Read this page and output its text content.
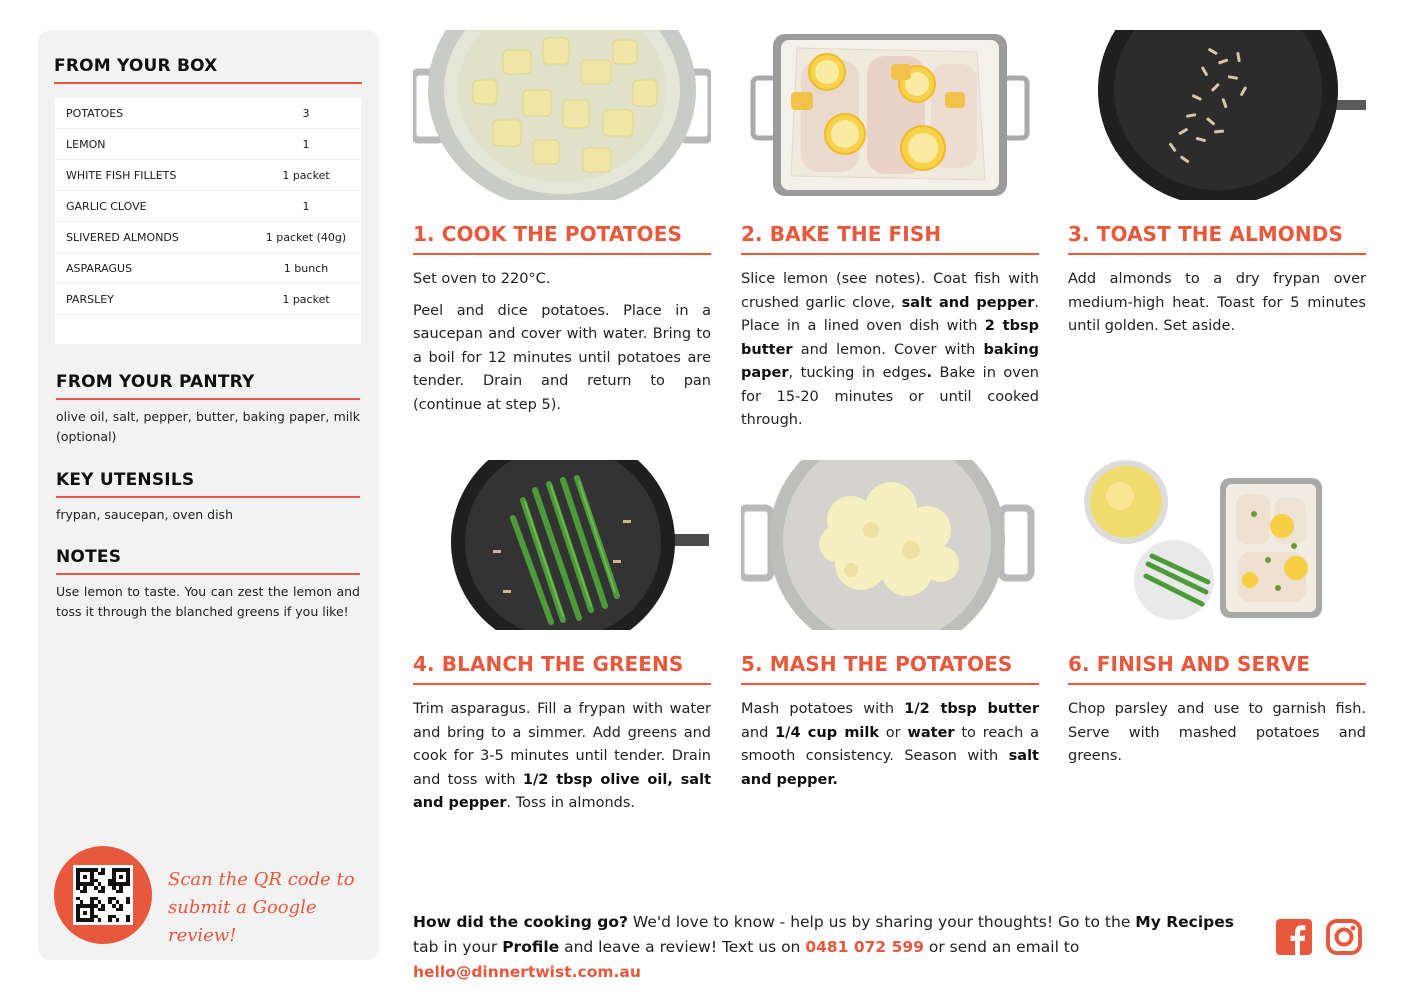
FROM YOUR BOX
POTATOES	3
LEMON	1
WHITE FISH FILLETS	1 packet
GARLIC CLOVE	1
SLIVERED ALMONDS	1 packet (40g)
ASPARAGUS	1 bunch
PARSLEY	1 packet
FROM YOUR PANTRY
olive oil, salt, pepper, butter, baking paper, milk (optional)
KEY UTENSILS
frypan, saucepan, oven dish
NOTES
Use lemon to taste. You can zest the lemon and toss it through the blanched greens if you like!
Scan the QR code to
submit a Google review!
1. COOK THE POTATOES

Set oven to 220°C.

Peel and dice potatoes. Place in a saucepan and cover with water. Bring to a boil for 12 minutes until potatoes are tender. Drain and return to pan (continue at step 5).

2. BAKE THE FISH

Slice lemon (see notes). Coat fish with crushed garlic clove, salt and pepper. Place in a lined oven dish with 2 tbsp butter and lemon. Cover with baking paper, tucking in edges. Bake in oven for 15-20 minutes or until cooked through.

3. TOAST THE ALMONDS

Add almonds to a dry frypan over medium-high heat. Toast for 5 minutes until golden. Set aside.

4. BLANCH THE GREENS

Trim asparagus. Fill a frypan with water and bring to a simmer. Add greens and cook for 3-5 minutes until tender. Drain and toss with 1/2 tbsp olive oil, salt and pepper. Toss in almonds.

5. MASH THE POTATOES

Mash potatoes with 1/2 tbsp butter and 1/4 cup milk or water to reach a smooth consistency. Season with salt and pepper.

6. FINISH AND SERVE

Chop parsley and use to garnish fish. Serve with mashed potatoes and greens.

How did the cooking go? We'd love to know - help us by sharing your thoughts! Go to the My Recipes tab in your Profile and leave a review! Text us on 0481 072 599 or send an email to hello@dinnertwist.com.au
